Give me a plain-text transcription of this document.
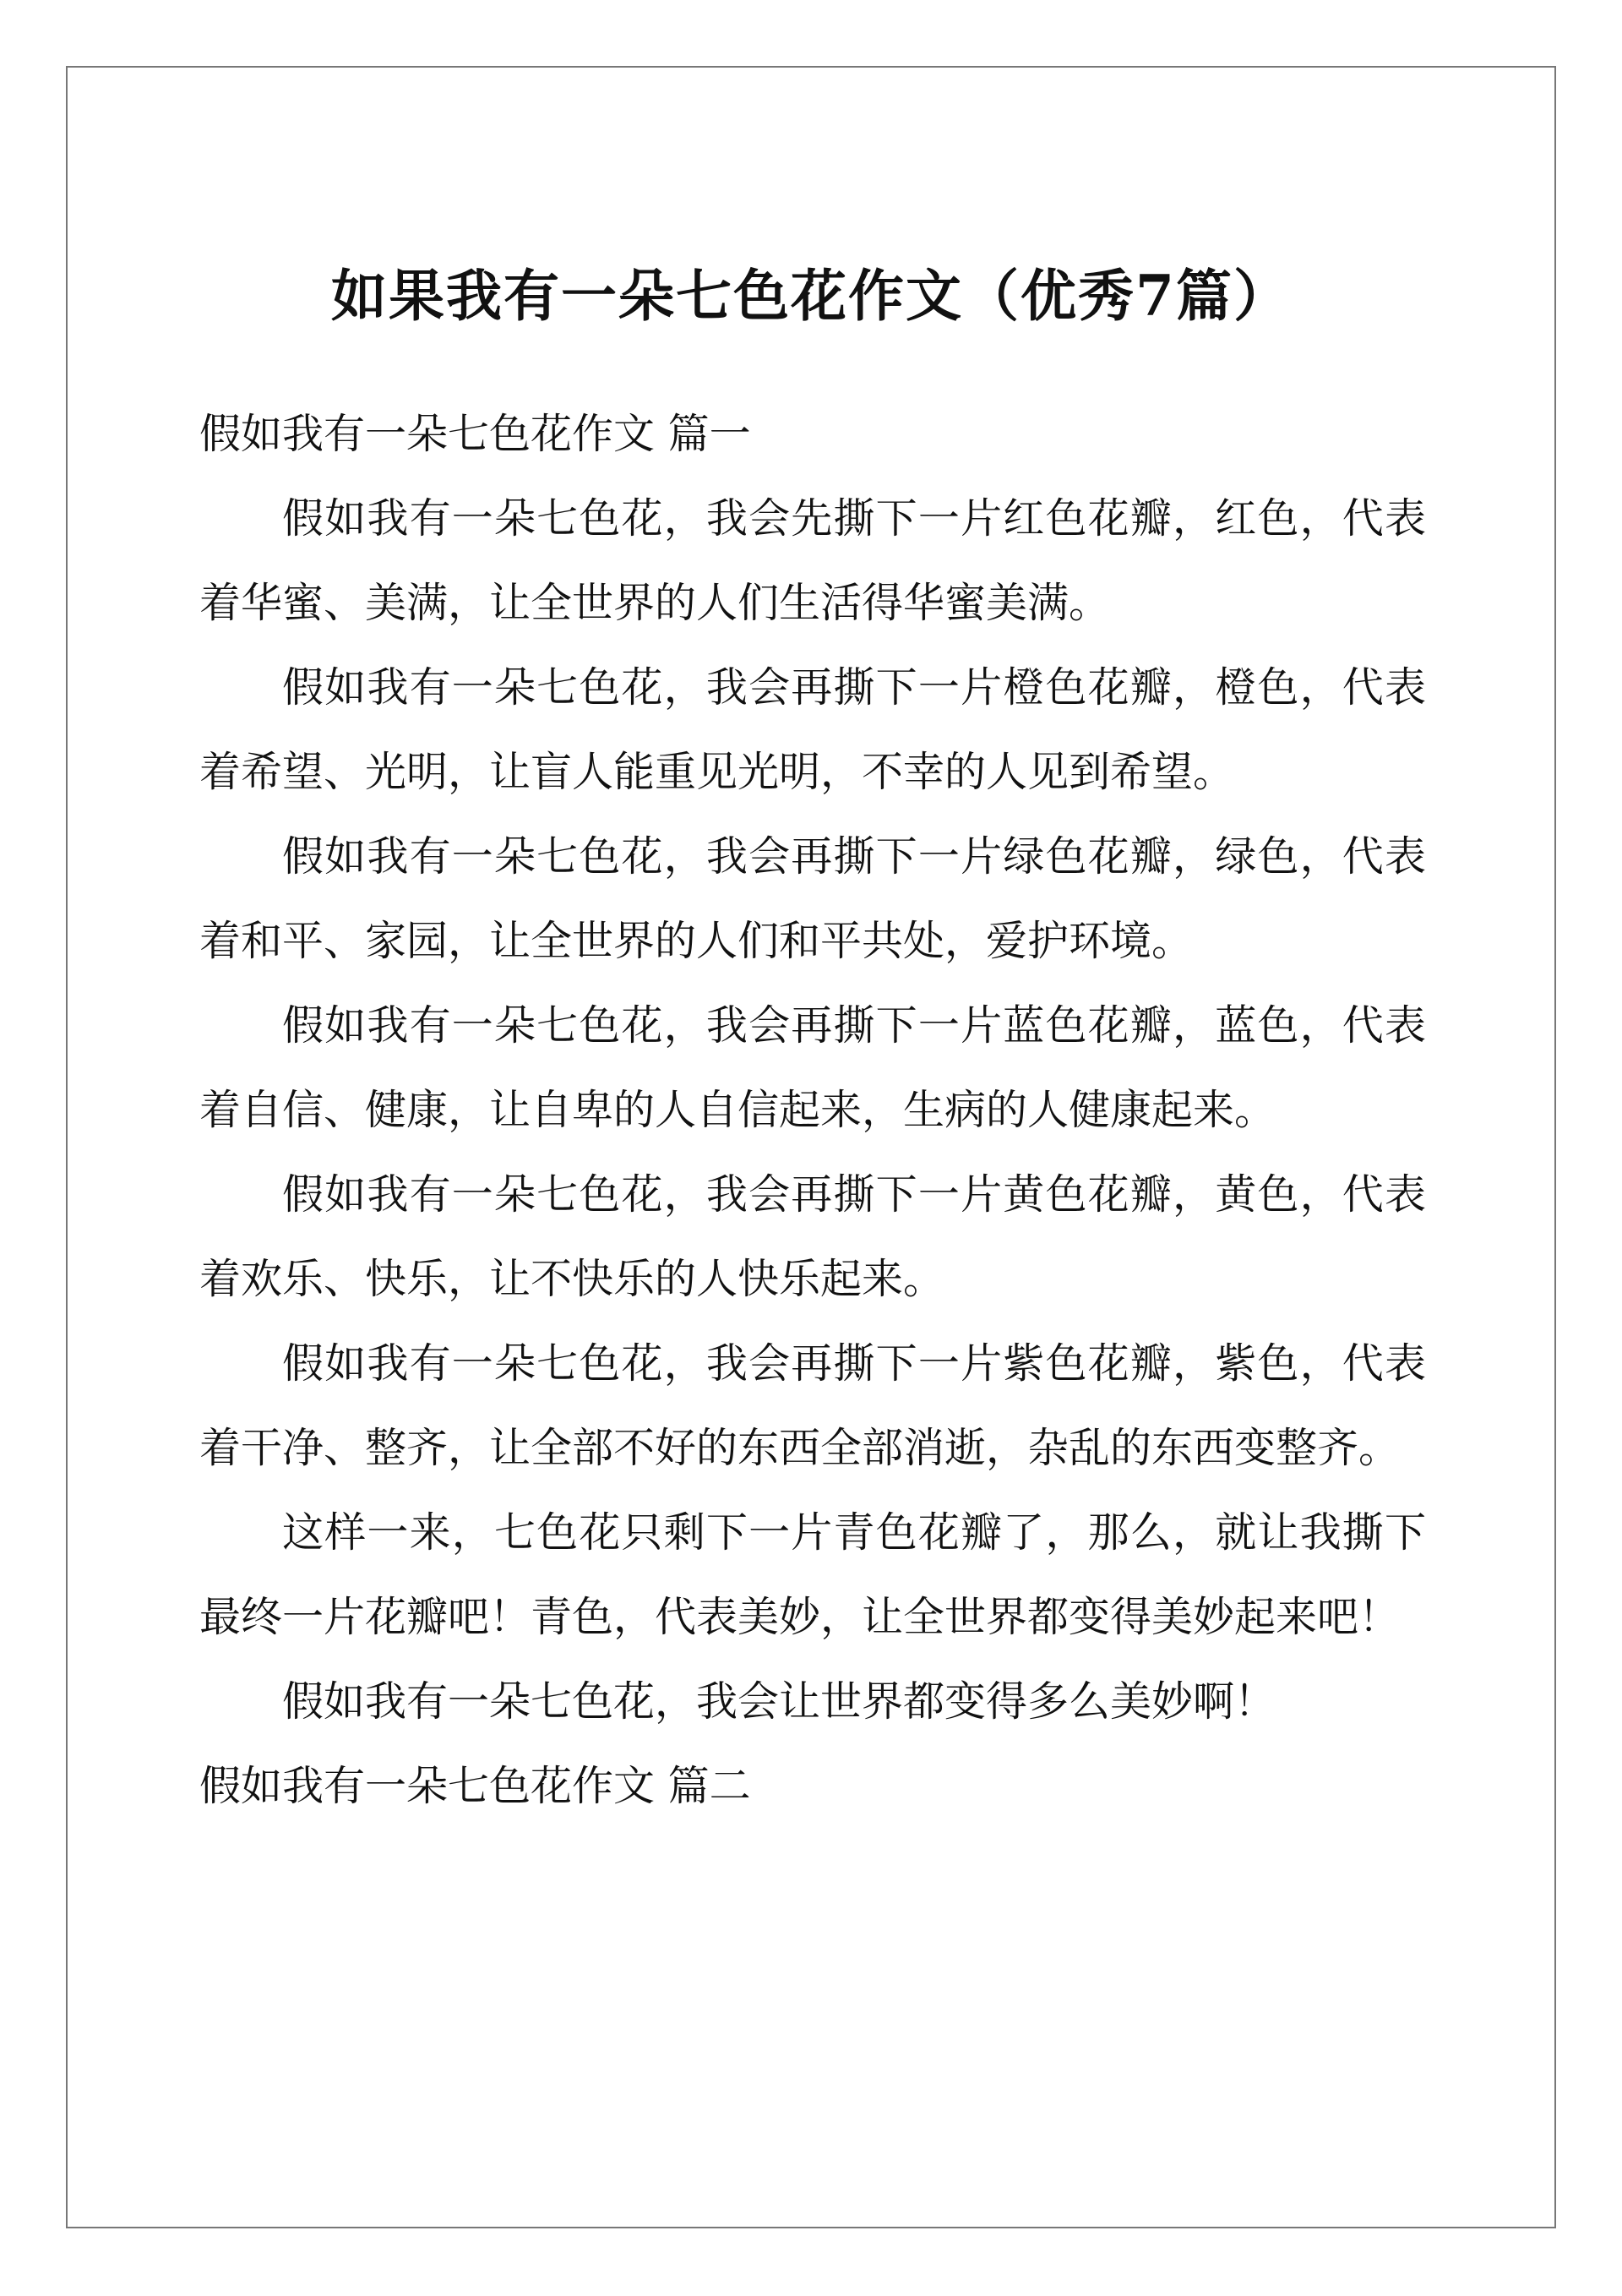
如果我有一朵七色花作文（优秀7篇）
假如我有一朵七色花作文 篇一

假如我有一朵七色花，我会先撕下一片红色花瓣，红色，代表着华蜜、美满，让全世界的人们生活得华蜜美满。

假如我有一朵七色花，我会再撕下一片橙色花瓣，橙色，代表着希望、光明，让盲人能重见光明，不幸的人见到希望。

假如我有一朵七色花，我会再撕下一片绿色花瓣，绿色，代表着和平、家园，让全世界的人们和平共处，爱护环境。

假如我有一朵七色花，我会再撕下一片蓝色花瓣，蓝色，代表着自信、健康，让自卑的人自信起来，生病的人健康起来。

假如我有一朵七色花，我会再撕下一片黄色花瓣，黄色，代表着欢乐、快乐，让不快乐的人快乐起来。

假如我有一朵七色花，我会再撕下一片紫色花瓣，紫色，代表着干净、整齐，让全部不好的东西全部消逝，杂乱的东西变整齐。

这样一来，七色花只剩下一片青色花瓣了，那么，就让我撕下最终一片花瓣吧！青色，代表美妙，让全世界都变得美妙起来吧！

假如我有一朵七色花，我会让世界都变得多么美妙啊！

假如我有一朵七色花作文 篇二
